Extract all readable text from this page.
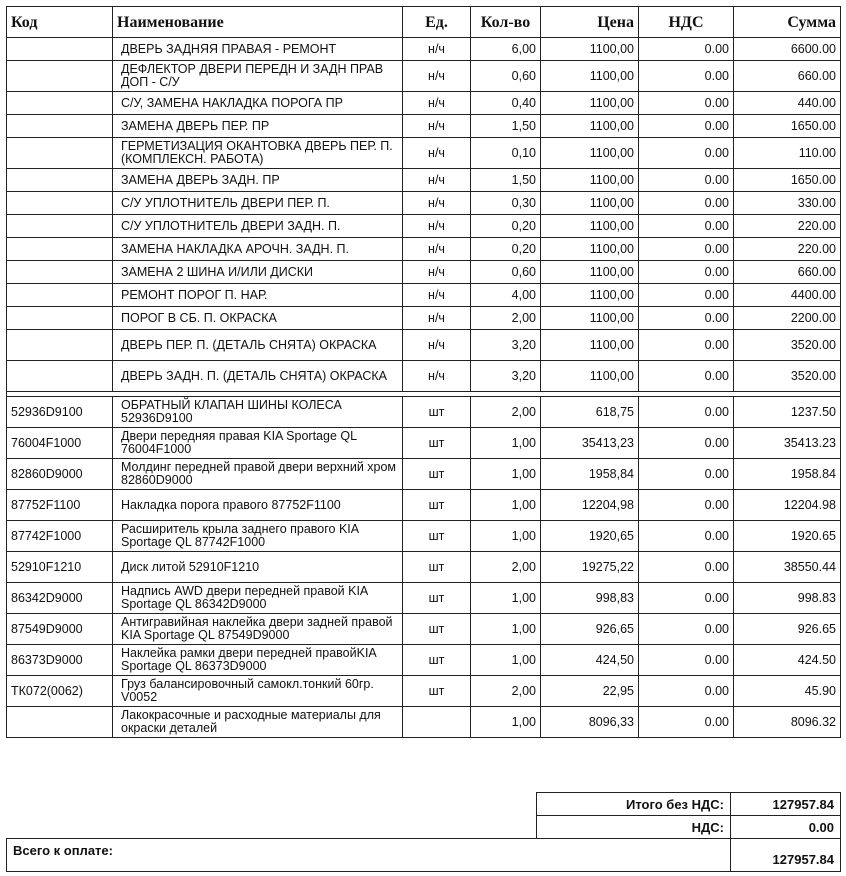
Код	Наименование	Ед.	Кол-во	Цена	НДС	Сумма
	ДВЕРЬ ЗАДНЯЯ ПРАВАЯ - РЕМОНТ	н/ч	6,00	1100,00	0.00	6600.00
	ДЕФЛЕКТОР ДВЕРИ ПЕРЕДН И ЗАДН ПРАВ ДОП - С/У	н/ч	0,60	1100,00	0.00	660.00
	С/У, ЗАМЕНА НАКЛАДКА ПОРОГА ПР	н/ч	0,40	1100,00	0.00	440.00
	ЗАМЕНА ДВЕРЬ ПЕР. ПР	н/ч	1,50	1100,00	0.00	1650.00
	ГЕРМЕТИЗАЦИЯ ОКАНТОВКА ДВЕРЬ ПЕР. П. (КОМПЛЕКСН. РАБОТА)	н/ч	0,10	1100,00	0.00	110.00
	ЗАМЕНА ДВЕРЬ ЗАДН. ПР	н/ч	1,50	1100,00	0.00	1650.00
	С/У УПЛОТНИТЕЛЬ ДВЕРИ ПЕР. П.	н/ч	0,30	1100,00	0.00	330.00
	С/У УПЛОТНИТЕЛЬ ДВЕРИ ЗАДН. П.	н/ч	0,20	1100,00	0.00	220.00
	ЗАМЕНА НАКЛАДКА АРОЧН. ЗАДН. П.	н/ч	0,20	1100,00	0.00	220.00
	ЗАМЕНА 2 ШИНА И/ИЛИ ДИСКИ	н/ч	0,60	1100,00	0.00	660.00
	РЕМОНТ ПОРОГ П. НАР.	н/ч	4,00	1100,00	0.00	4400.00
	ПОРОГ В СБ. П. ОКРАСКА	н/ч	2,00	1100,00	0.00	2200.00
	ДВЕРЬ ПЕР. П. (ДЕТАЛЬ СНЯТА) ОКРАСКА	н/ч	3,20	1100,00	0.00	3520.00
	ДВЕРЬ ЗАДН. П. (ДЕТАЛЬ СНЯТА) ОКРАСКА	н/ч	3,20	1100,00	0.00	3520.00

52936D9100	ОБРАТНЫЙ КЛАПАН ШИНЫ КОЛЕСА 52936D9100	шт	2,00	618,75	0.00	1237.50
76004F1000	Двери передняя правая KIA Sportage QL 76004F1000	шт	1,00	35413,23	0.00	35413.23
82860D9000	Молдинг передней правой двери верхний хром 82860D9000	шт	1,00	1958,84	0.00	1958.84
87752F1100	Накладка порога правого 87752F1100	шт	1,00	12204,98	0.00	12204.98
87742F1000	Расширитель крыла заднего правого KIA Sportage QL 87742F1000	шт	1,00	1920,65	0.00	1920.65
52910F1210	Диск литой 52910F1210	шт	2,00	19275,22	0.00	38550.44
86342D9000	Надпись AWD двери передней правой KIA Sportage QL 86342D9000	шт	1,00	998,83	0.00	998.83
87549D9000	Антигравийная наклейка двери задней правой KIA Sportage QL 87549D9000	шт	1,00	926,65	0.00	926.65
86373D9000	Наклейка рамки двери передней правойKIA Sportage QL 86373D9000	шт	1,00	424,50	0.00	424.50
ТК072(0062)	Груз балансировочный самокл.тонкий 60гр. V0052	шт	2,00	22,95	0.00	45.90
	Лакокрасочные и расходные материалы для окраски деталей		1,00	8096,33	0.00	8096.32
Итого без НДС:	127957.84
НДС:	0.00
Всего к оплате:	127957.84
